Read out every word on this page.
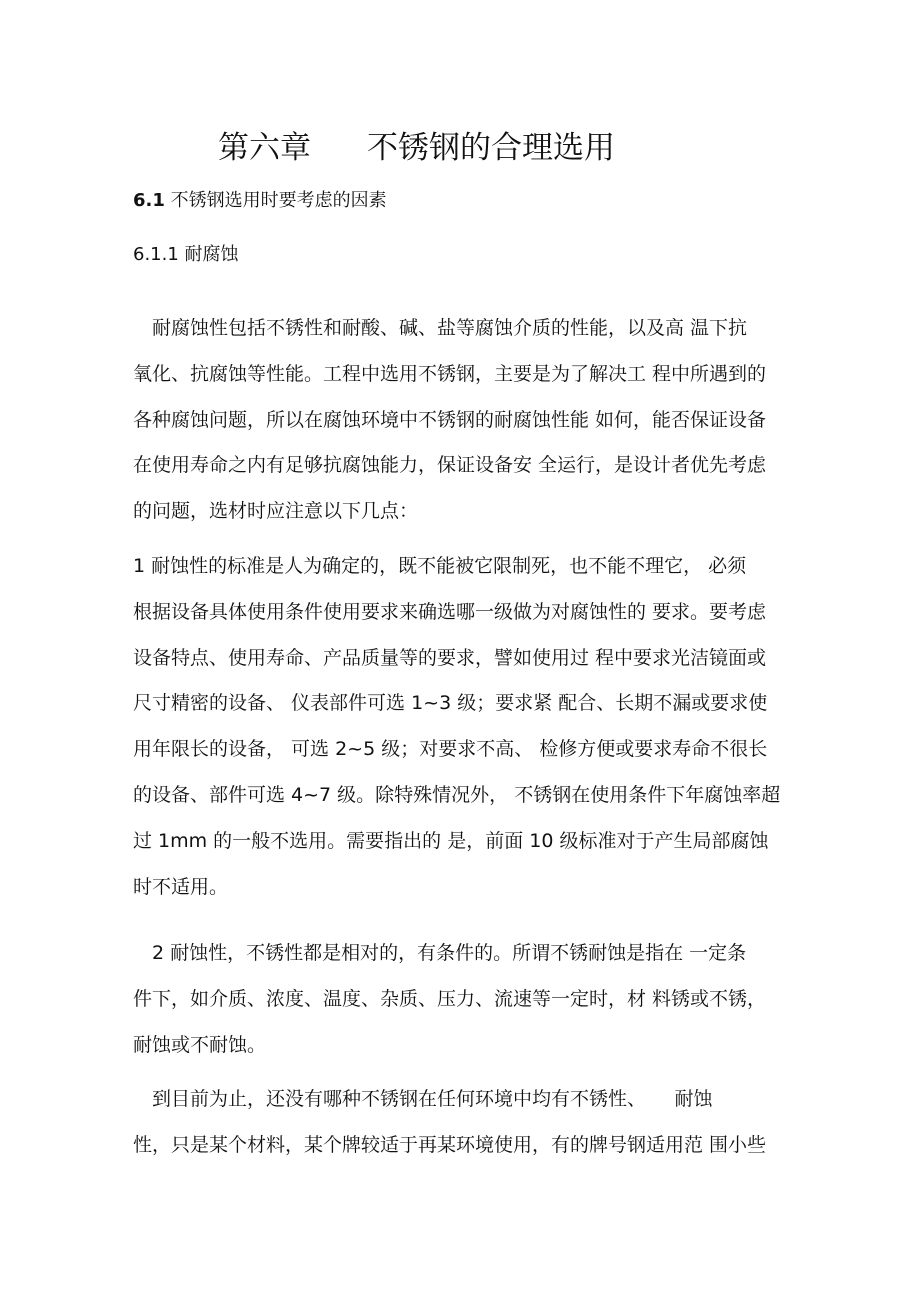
第六章 不锈钢的合理选用
6.1 不锈钢选用时要考虑的因素
6.1.1 耐腐蚀
　耐腐蚀性包括不锈性和耐酸、碱、盐等腐蚀介质的性能，以及高 温下抗
氧化、抗腐蚀等性能。工程中选用不锈钢，主要是为了解决工 程中所遇到的
各种腐蚀问题，所以在腐蚀环境中不锈钢的耐腐蚀性能 如何，能否保证设备
在使用寿命之内有足够抗腐蚀能力，保证设备安 全运行，是设计者优先考虑
的问题，选材时应注意以下几点：
1 耐蚀性的标准是人为确定的，既不能被它限制死，也不能不理它， 必须
根据设备具体使用条件使用要求来确选哪一级做为对腐蚀性的 要求。要考虑
设备特点、使用寿命、产品质量等的要求，譬如使用过 程中要求光洁镜面或
尺寸精密的设备、 仪表部件可选 1~3 级；要求紧 配合、长期不漏或要求使
用年限长的设备， 可选 2~5 级；对要求不高、 检修方便或要求寿命不很长
的设备、部件可选 4~7 级。除特殊情况外， 不锈钢在使用条件下年腐蚀率超
过 1mm 的一般不选用。需要指出的 是，前面 10 级标准对于产生局部腐蚀
时不适用。
　2 耐蚀性，不锈性都是相对的，有条件的。所谓不锈耐蚀是指在 一定条
件下，如介质、浓度、温度、杂质、压力、流速等一定时，材 料锈或不锈，
耐蚀或不耐蚀。
　到目前为止，还没有哪种不锈钢在任何环境中均有不锈性、　　耐蚀
性，只是某个材料，某个牌较适于再某环境使用，有的牌号钢适用范 围小些
